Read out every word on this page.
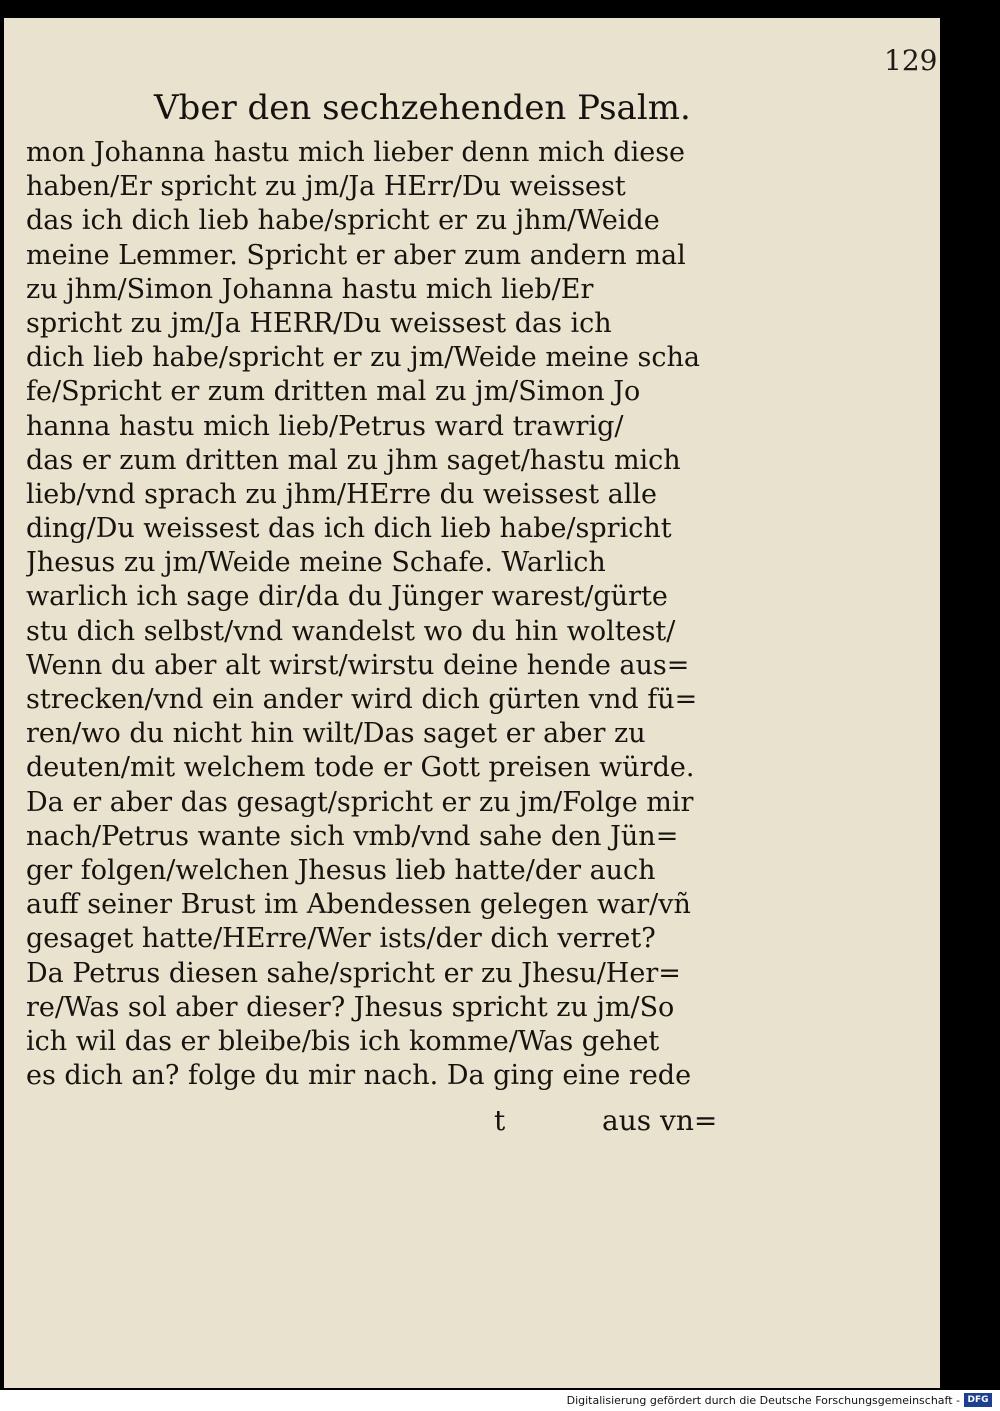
129
Vber den sechzehenden Psalm.
mon Johanna hastu mich lieber denn mich diese
haben/Er spricht zu jm/Ja HErr/Du weissest
das ich dich lieb habe/spricht er zu jhm/Weide
meine Lemmer. Spricht er aber zum andern mal
zu jhm/Simon Johanna hastu mich lieb/Er
spricht zu jm/Ja HERR/Du weissest das ich
dich lieb habe/spricht er zu jm/Weide meine scha
fe/Spricht er zum dritten mal zu jm/Simon Jo
hanna hastu mich lieb/Petrus ward trawrig/
das er zum dritten mal zu jhm saget/hastu mich
lieb/vnd sprach zu jhm/HErre du weissest alle
ding/Du weissest das ich dich lieb habe/spricht
Jhesus zu jm/Weide meine Schafe. Warlich
warlich ich sage dir/da du Jünger warest/gürte
stu dich selbst/vnd wandelst wo du hin woltest/
Wenn du aber alt wirst/wirstu deine hende aus=
strecken/vnd ein ander wird dich gürten vnd fü=
ren/wo du nicht hin wilt/Das saget er aber zu
deuten/mit welchem tode er Gott preisen würde.
Da er aber das gesagt/spricht er zu jm/Folge mir
nach/Petrus wante sich vmb/vnd sahe den Jün=
ger folgen/welchen Jhesus lieb hatte/der auch
auff seiner Brust im Abendessen gelegen war/vñ
gesaget hatte/HErre/Wer ists/der dich verret?
Da Petrus diesen sahe/spricht er zu Jhesu/Her=
re/Was sol aber dieser? Jhesus spricht zu jm/So
ich wil das er bleibe/bis ich komme/Was gehet
es dich an? folge du mir nach. Da ging eine rede
t	aus vn=
Digitalisierung gefördert durch die Deutsche Forschungsgemeinschaft - DFG
